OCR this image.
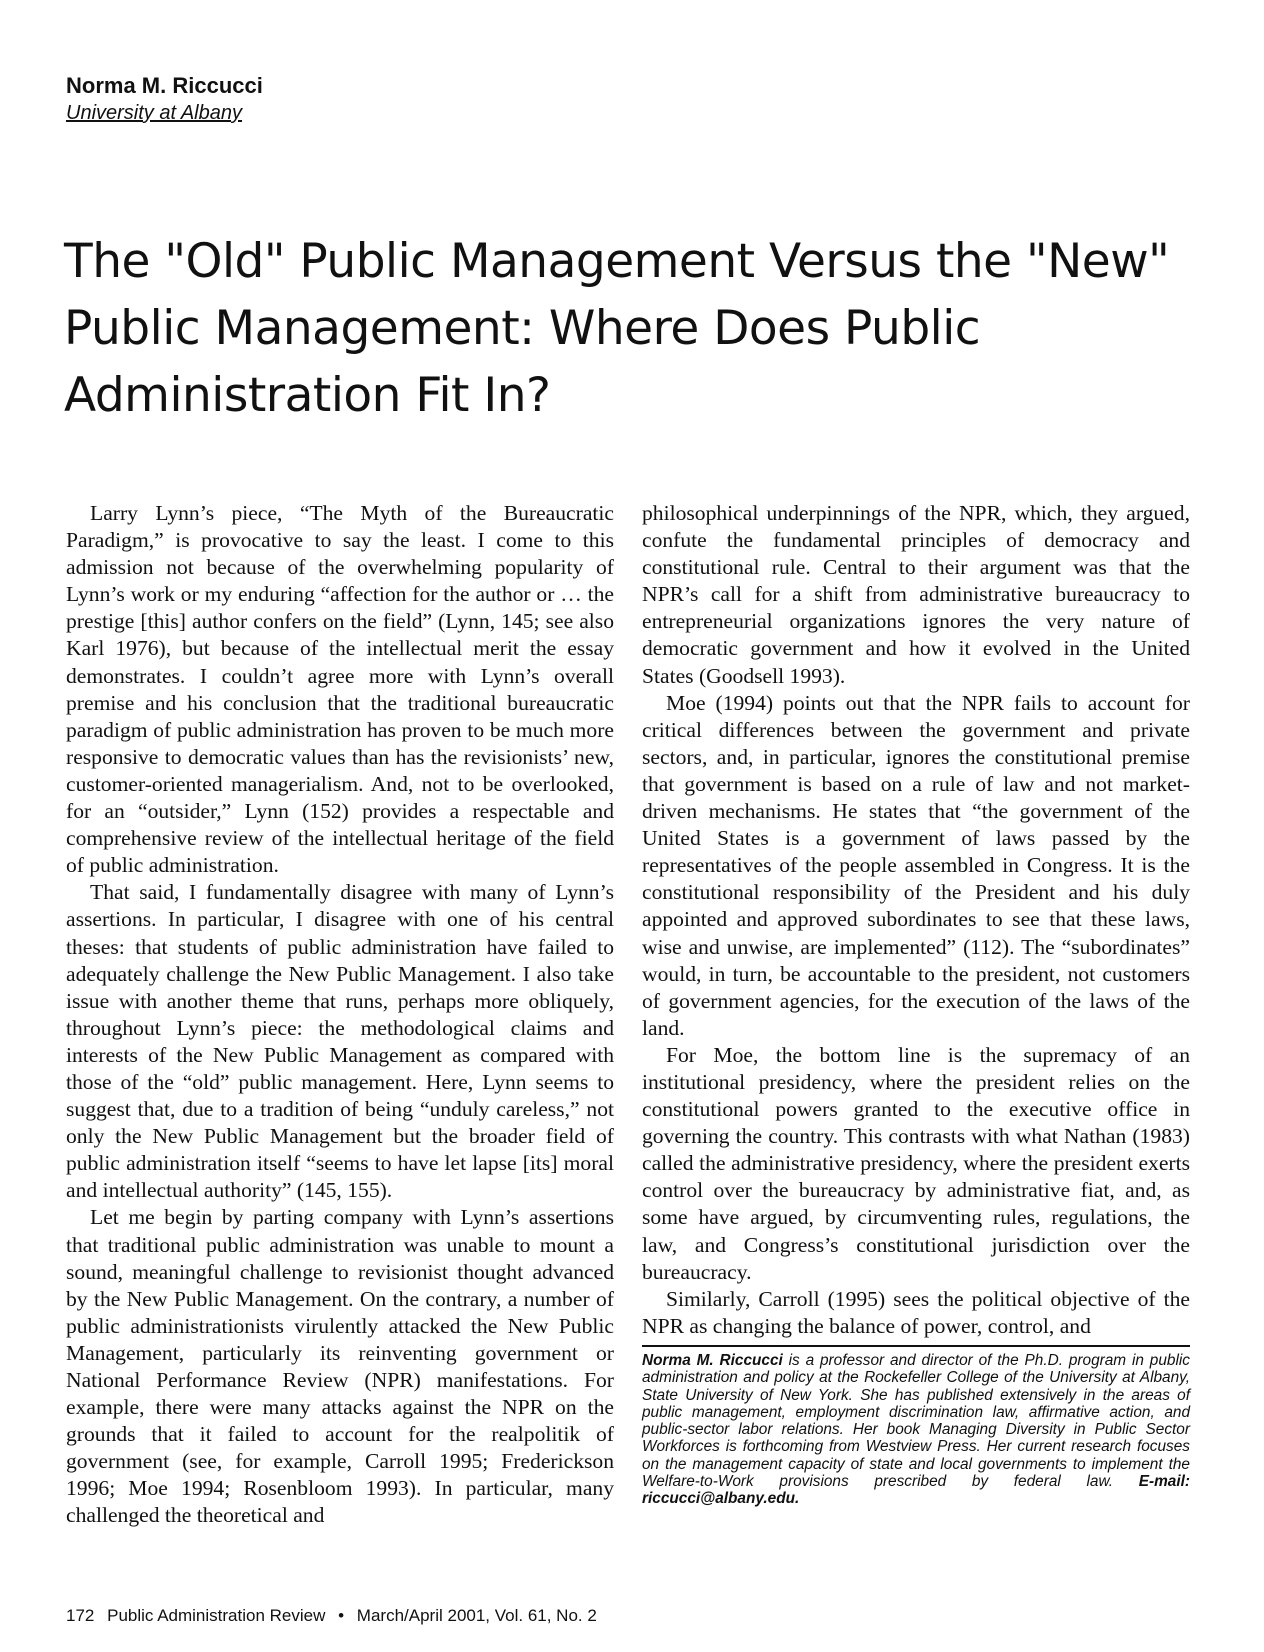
Norma M. Riccucci

University at Albany

The "Old" Public Management Versus the "New" Public Management: Where Does Public Administration Fit In?

Larry Lynn’s piece, “The Myth of the Bureaucratic Paradigm,” is provocative to say the least. I come to this admission not because of the overwhelming popularity of Lynn’s work or my enduring “affection for the author or … the prestige [this] author confers on the field” (Lynn, 145; see also Karl 1976), but because of the intellectual merit the essay demonstrates. I couldn’t agree more with Lynn’s overall premise and his conclusion that the traditional bureaucratic paradigm of public administration has proven to be much more responsive to democratic values than has the revisionists’ new, customer-oriented managerialism. And, not to be overlooked, for an “outsider,” Lynn (152) provides a respectable and comprehensive review of the intellectual heritage of the field of public administration.

That said, I fundamentally disagree with many of Lynn’s assertions. In particular, I disagree with one of his central theses: that students of public administration have failed to adequately challenge the New Public Management. I also take issue with another theme that runs, perhaps more obliquely, throughout Lynn’s piece: the methodological claims and interests of the New Public Management as compared with those of the “old” public management. Here, Lynn seems to suggest that, due to a tradition of being “unduly careless,” not only the New Public Management but the broader field of public administration itself “seems to have let lapse [its] moral and intellectual authority” (145, 155).

Let me begin by parting company with Lynn’s assertions that traditional public administration was unable to mount a sound, meaningful challenge to revisionist thought advanced by the New Public Management. On the contrary, a number of public administrationists virulently attacked the New Public Management, particularly its reinventing government or National Performance Review (NPR) manifestations. For example, there were many attacks against the NPR on the grounds that it failed to account for the realpolitik of government (see, for example, Carroll 1995; Frederickson 1996; Moe 1994; Rosenbloom 1993). In particular, many challenged the theoretical and

philosophical underpinnings of the NPR, which, they argued, confute the fundamental principles of democracy and constitutional rule. Central to their argument was that the NPR’s call for a shift from administrative bureaucracy to entrepreneurial organizations ignores the very nature of democratic government and how it evolved in the United States (Goodsell 1993).

Moe (1994) points out that the NPR fails to account for critical differences between the government and private sectors, and, in particular, ignores the constitutional premise that government is based on a rule of law and not market-driven mechanisms. He states that “the government of the United States is a government of laws passed by the representatives of the people assembled in Congress. It is the constitutional responsibility of the President and his duly appointed and approved subordinates to see that these laws, wise and unwise, are implemented” (112). The “subordinates” would, in turn, be accountable to the president, not customers of government agencies, for the execution of the laws of the land.

For Moe, the bottom line is the supremacy of an institutional presidency, where the president relies on the constitutional powers granted to the executive office in governing the country. This contrasts with what Nathan (1983) called the administrative presidency, where the president exerts control over the bureaucracy by administrative fiat, and, as some have argued, by circumventing rules, regulations, the law, and Congress’s constitutional jurisdiction over the bureaucracy.

Similarly, Carroll (1995) sees the political objective of the NPR as changing the balance of power, control, and

Norma M. Riccucci is a professor and director of the Ph.D. program in public administration and policy at the Rockefeller College of the University at Albany, State University of New York. She has published extensively in the areas of public management, employment discrimination law, affirmative action, and public-sector labor relations. Her book Managing Diversity in Public Sector Workforces is forthcoming from Westview Press. Her current research focuses on the management capacity of state and local governments to implement the Welfare-to-Work provisions prescribed by federal law. E-mail: riccucci@albany.edu.
172 Public Administration Review • March/April 2001, Vol. 61, No. 2
